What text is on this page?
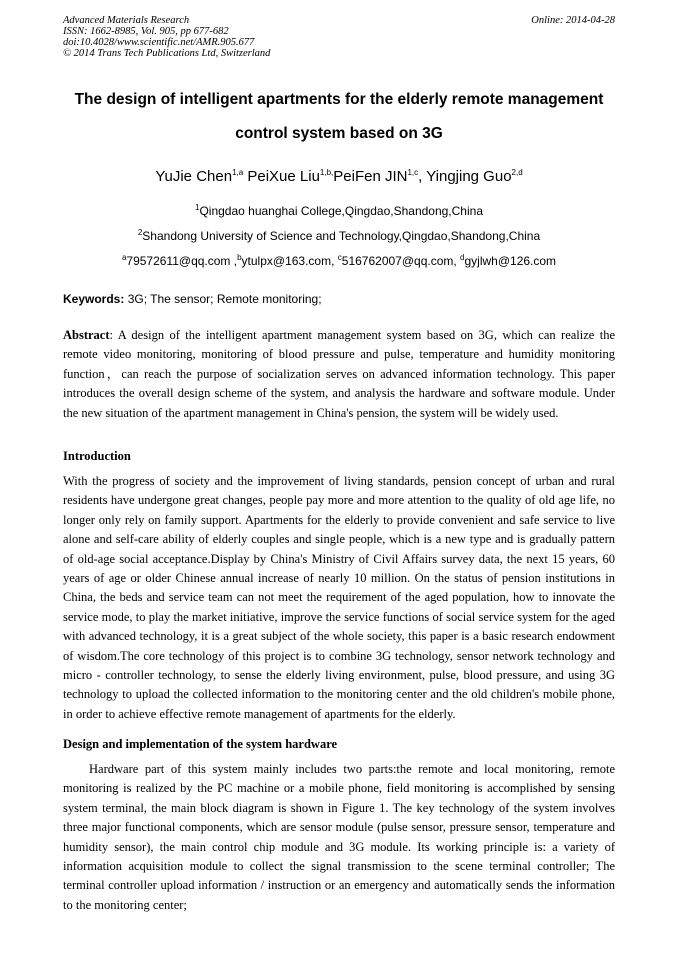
Advanced Materials Research
ISSN: 1662-8985, Vol. 905, pp 677-682
doi:10.4028/www.scientific.net/AMR.905.677
© 2014 Trans Tech Publications Ltd, Switzerland
Online: 2014-04-28
The design of intelligent apartments for the elderly remote management
control system based on 3G
YuJie Chen$^{1,a}$ PeiXue Liu$^{1,b,}$PeiFen JIN$^{1,c}$, Yingjing Guo$^{2,d}$
$^1$Qingdao huanghai College,Qingdao,Shandong,China
$^2$Shandong University of Science and Technology,Qingdao,Shandong,China
$^a$79572611@qq.com ,$^b$ytulpx@163.com, $^c$516762007@qq.com, $^d$gyjlwh@126.com
Keywords: 3G; The sensor; Remote monitoring;
Abstract: A design of the intelligent apartment management system based on 3G, which can realize the remote video monitoring, monitoring of blood pressure and pulse, temperature and humidity monitoring function，can reach the purpose of socialization serves on advanced information technology. This paper introduces the overall design scheme of the system, and analysis the hardware and software module. Under the new situation of the apartment management in China's pension, the system will be widely used.
Introduction
With the progress of society and the improvement of living standards, pension concept of urban and rural residents have undergone great changes, people pay more and more attention to the quality of old age life, no longer only rely on family support. Apartments for the elderly to provide convenient and safe service to live alone and self-care ability of elderly couples and single people, which is a new type and is gradually pattern of old-age social acceptance.Display by China's Ministry of Civil Affairs survey data, the next 15 years, 60 years of age or older Chinese annual increase of nearly 10 million. On the status of pension institutions in China, the beds and service team can not meet the requirement of the aged population, how to innovate the service mode, to play the market initiative, improve the service functions of social service system for the aged with advanced technology, it is a great subject of the whole society, this paper is a basic research endowment of wisdom.The core technology of this project is to combine 3G technology, sensor network technology and micro - controller technology, to sense the elderly living environment, pulse, blood pressure, and using 3G technology to upload the collected information to the monitoring center and the old children's mobile phone, in order to achieve effective remote management of apartments for the elderly.
Design and implementation of the system hardware
Hardware part of this system mainly includes two parts:the remote and local monitoring, remote monitoring is realized by the PC machine or a mobile phone, field monitoring is accomplished by sensing system terminal, the main block diagram is shown in Figure 1. The key technology of the system involves three major functional components, which are sensor module (pulse sensor, pressure sensor, temperature and humidity sensor), the main control chip module and 3G module. Its working principle is: a variety of information acquisition module to collect the signal transmission to the scene terminal controller; The terminal controller upload information / instruction or an emergency and automatically sends the information to the monitoring center;
